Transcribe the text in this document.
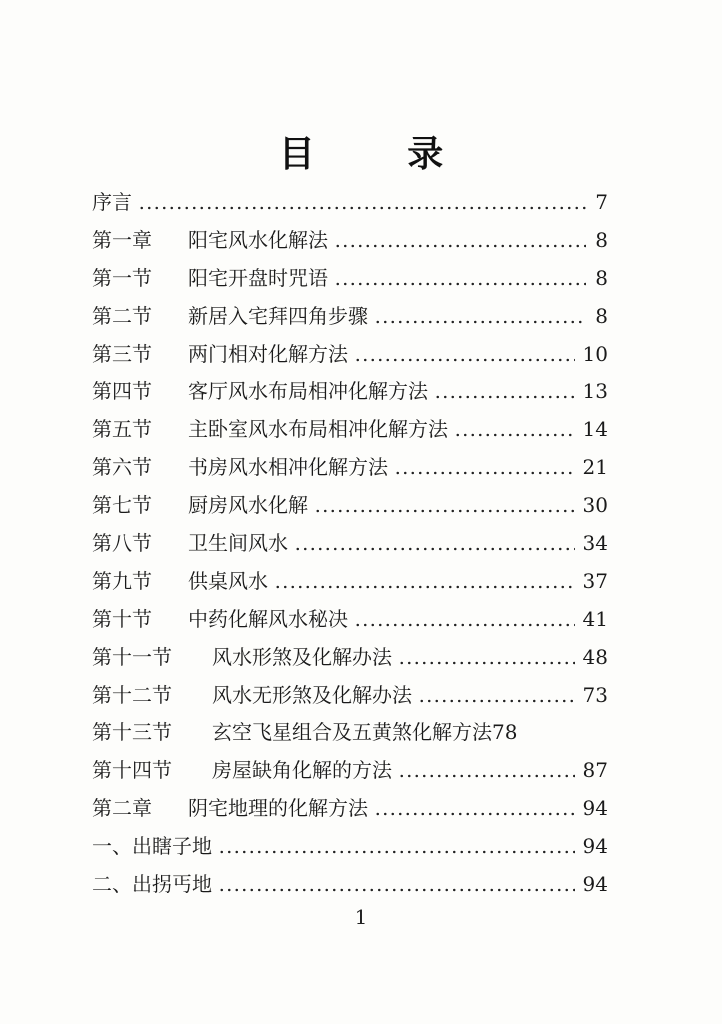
目 录
序言	7
第一章	阳宅风水化解法	8
第一节	阳宅开盘时咒语	8
第二节	新居入宅拜四角步骤	8
第三节	两门相对化解方法	10
第四节	客厅风水布局相冲化解方法	13
第五节	主卧室风水布局相冲化解方法	14
第六节	书房风水相冲化解方法	21
第七节	厨房风水化解	30
第八节	卫生间风水	34
第九节	供桌风水	37
第十节	中药化解风水秘决	41
第十一节	风水形煞及化解办法	48
第十二节	风水无形煞及化解办法	73
第十三节	玄空飞星组合及五黄煞化解方法 78
第十四节	房屋缺角化解的方法	87
第二章	阴宅地理的化解方法	94
一、出瞎子地	94
二、出拐丐地	94
1
